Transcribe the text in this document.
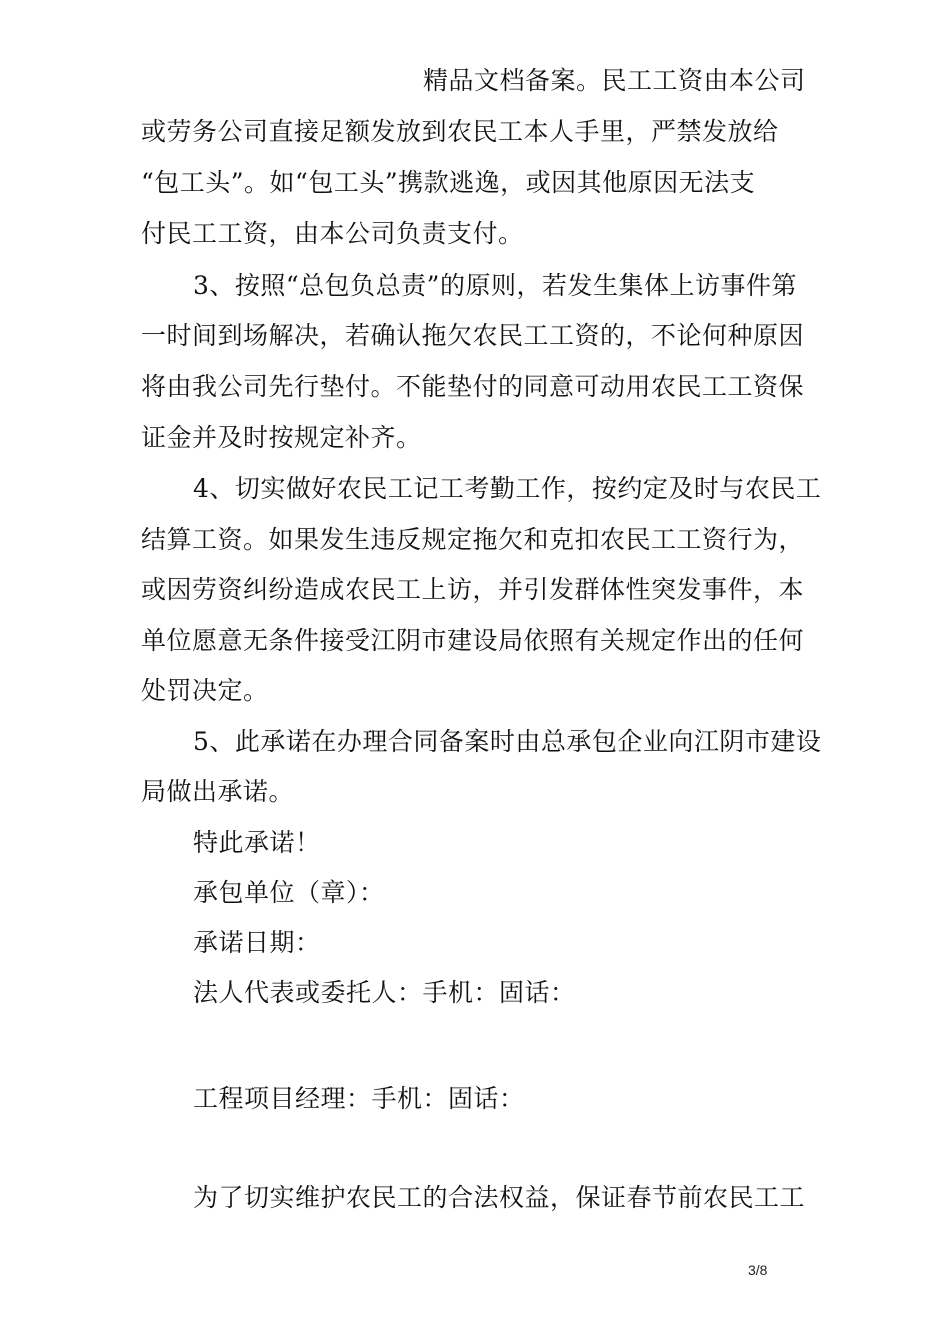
精品文档备案。民工工资由本公司
或劳务公司直接足额发放到农民工本人手里，严禁发放给
“包工头”。如“包工头”携款逃逸，或因其他原因无法支
付民工工资，由本公司负责支付。
3、按照“总包负总责”的原则，若发生集体上访事件第
一时间到场解决，若确认拖欠农民工工资的，不论何种原因
将由我公司先行垫付。不能垫付的同意可动用农民工工资保
证金并及时按规定补齐。
4、切实做好农民工记工考勤工作，按约定及时与农民工
结算工资。如果发生违反规定拖欠和克扣农民工工资行为，
或因劳资纠纷造成农民工上访，并引发群体性突发事件，本
单位愿意无条件接受江阴市建设局依照有关规定作出的任何
处罚决定。
5、此承诺在办理合同备案时由总承包企业向江阴市建设
局做出承诺。
特此承诺！
承包单位（章）：
承诺日期：
法人代表或委托人：手机：固话：
工程项目经理：手机：固话：
为了切实维护农民工的合法权益，保证春节前农民工工
3/8
